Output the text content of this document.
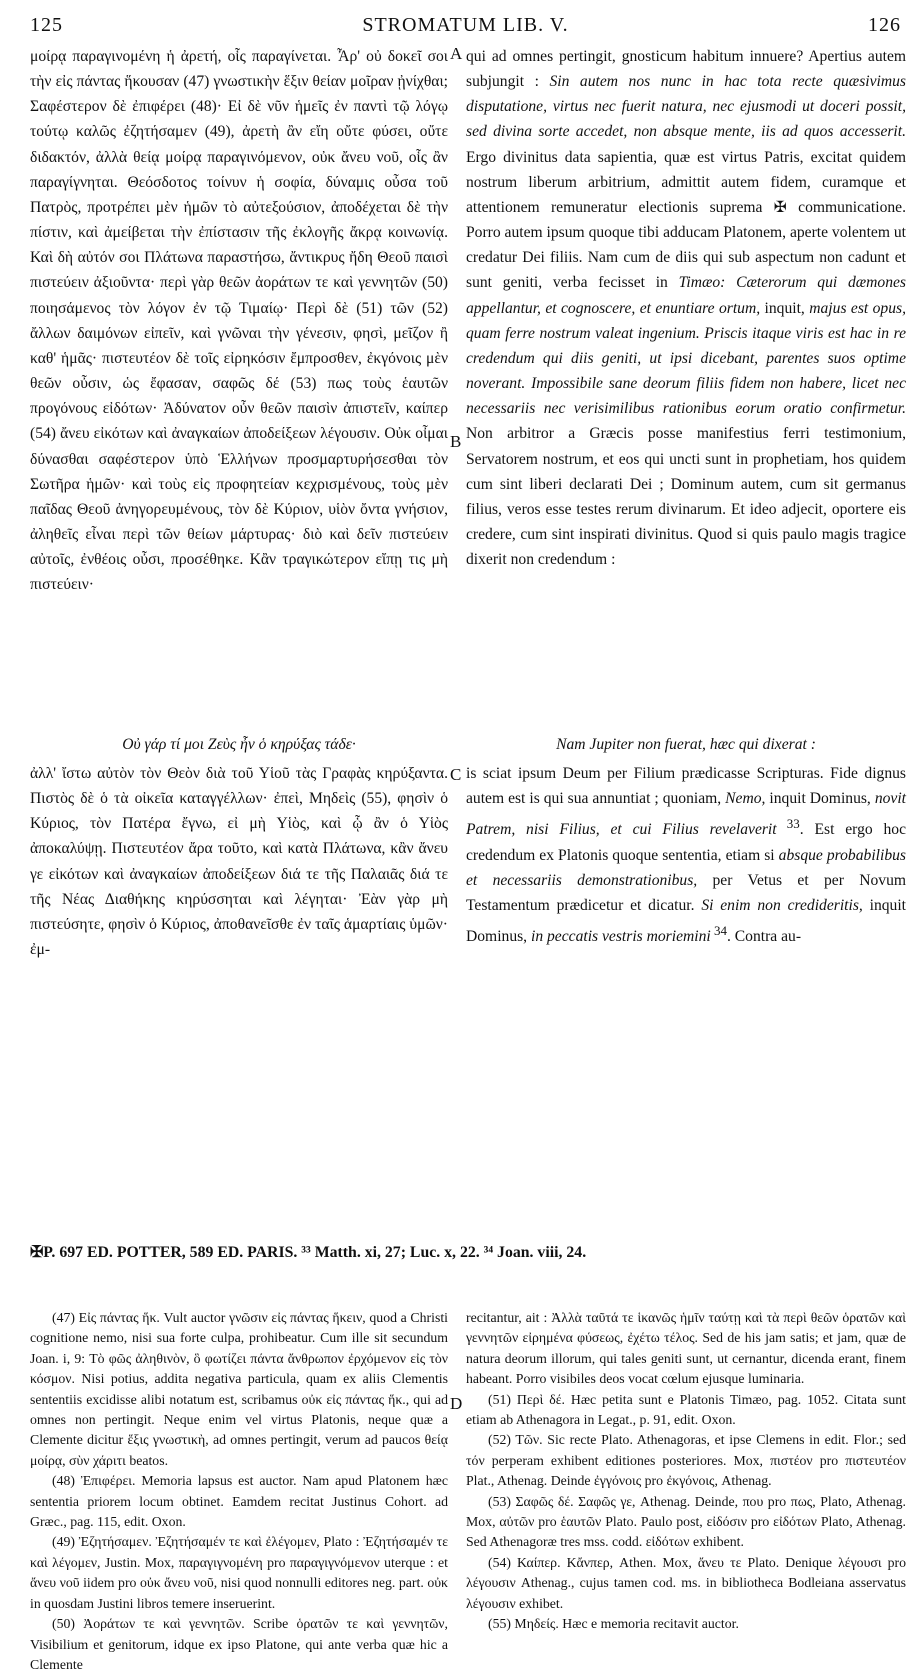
125	STROMATUM LIB. V.	126
A
B
C
D

μοίρᾳ παραγινομένη ἡ ἀρετή, οἷς παραγίνεται. Ἆρ' οὐ δοκεῖ σοι τὴν εἰς πάντας ἥκουσαν (47) γνωστικὴν ἕξιν θείαν μοῖραν ᾐνίχθαι; Σαφέστερον δὲ ἐπιφέρει (48)· Εἰ δὲ νῦν ἡμεῖς ἐν παντὶ τῷ λόγῳ τούτῳ καλῶς ἐζητήσαμεν (49), ἀρετὴ ἂν εἴη οὔτε φύσει, οὔτε διδακτόν, ἀλλὰ θείᾳ μοίρᾳ παραγινόμενον, οὐκ ἄνευ νοῦ, οἷς ἂν παραγίγνηται. Θεόσδοτος τοίνυν ἡ σοφία, δύναμις οὖσα τοῦ Πατρὸς, προτρέπει μὲν ἡμῶν τὸ αὐτεξούσιον, ἀποδέχεται δὲ τὴν πίστιν, καὶ ἀμείβεται τὴν ἐπίστασιν τῆς ἐκλογῆς ἄκρᾳ κοινωνίᾳ. Καὶ δὴ αὐτόν σοι Πλάτωνα παραστήσω, ἄντικρυς ἤδη Θεοῦ παισὶ πιστεύειν ἀξιοῦντα· περὶ γὰρ θεῶν ἀοράτων τε καὶ γεννητῶν (50) ποιησάμενος τὸν λόγον ἐν τῷ Τιμαίῳ· Περὶ δὲ (51) τῶν (52) ἄλλων δαιμόνων εἰπεῖν, καὶ γνῶναι τὴν γένεσιν, φησὶ, μεῖζον ἢ καθ' ἡμᾶς· πιστευτέον δὲ τοῖς εἰρηκόσιν ἔμπροσθεν, ἐκγόνοις μὲν θεῶν οὖσιν, ὡς ἔφασαν, σαφῶς δέ (53) πως τοὺς ἑαυτῶν προγόνους εἰδότων· Ἀδύνατον οὖν θεῶν παισὶν ἀπιστεῖν, καίπερ (54) ἄνευ εἰκότων καὶ ἀναγκαίων ἀποδείξεων λέγουσιν. Οὐκ οἶμαι δύνασθαι σαφέστερον ὑπὸ Ἑλλήνων προσμαρτυρήσεσθαι τὸν Σωτῆρα ἡμῶν· καὶ τοὺς εἰς προφητείαν κεχρισμένους, τοὺς μὲν παῖδας Θεοῦ ἀνηγορευμένους, τὸν δὲ Κύριον, υἱὸν ὄντα γνήσιον, ἀληθεῖς εἶναι περὶ τῶν θείων μάρτυρας· διὸ καὶ δεῖν πιστεύειν αὐτοῖς, ἐνθέοις οὖσι, προσέθηκε. Κἂν τραγικώτερον εἴπῃ τις μὴ πιστεύειν·

Οὐ γάρ τί μοι Ζεὺς ἦν ὁ κηρύξας τάδε·

ἀλλ' ἴστω αὐτὸν τὸν Θεὸν διὰ τοῦ Υἱοῦ τὰς Γραφὰς κηρύξαντα. Πιστὸς δὲ ὁ τὰ οἰκεῖα καταγγέλλων· ἐπεὶ, Μηδεὶς (55), φησὶν ὁ Κύριος, τὸν Πατέρα ἔγνω, εἰ μὴ Υἱὸς, καὶ ᾧ ἂν ὁ Υἱὸς ἀποκαλύψῃ. Πιστευτέον ἄρα τοῦτο, καὶ κατὰ Πλάτωνα, κἂν ἄνευ γε εἰκότων καὶ ἀναγκαίων ἀποδείξεων διά τε τῆς Παλαιᾶς διά τε τῆς Νέας Διαθήκης κηρύσσηται καὶ λέγηται· Ἐὰν γὰρ μὴ πιστεύσητε, φησὶν ὁ Κύριος, ἀποθανεῖσθε ἐν ταῖς ἁμαρτίαις ὑμῶν· ἐμ-

qui ad omnes pertingit, gnosticum habitum innuere? Apertius autem subjungit : Sin autem nos nunc in hac tota recte quæsivimus disputatione, virtus nec fuerit natura, nec ejusmodi ut doceri possit, sed divina sorte accedet, non absque mente, iis ad quos accesserit. Ergo divinitus data sapientia, quæ est virtus Patris, excitat quidem nostrum liberum arbitrium, admittit autem fidem, curamque et attentionem remuneratur electionis suprema ✠ communicatione. Porro autem ipsum quoque tibi adducam Platonem, aperte volentem ut credatur Dei filiis. Nam cum de diis qui sub aspectum non cadunt et sunt geniti, verba fecisset in Timæo: Cæterorum qui dæmones appellantur, et cognoscere, et enuntiare ortum, inquit, majus est opus, quam ferre nostrum valeat ingenium. Priscis itaque viris est hac in re credendum qui diis geniti, ut ipsi dicebant, parentes suos optime noverant. Impossibile sane deorum filiis fidem non habere, licet nec necessariis nec verisimilibus rationibus eorum oratio confirmetur. Non arbitror a Græcis posse manifestius ferri testimonium, Servatorem nostrum, et eos qui uncti sunt in prophetiam, hos quidem cum sint liberi declarati Dei ; Dominum autem, cum sit germanus filius, veros esse testes rerum divinarum. Et ideo adjecit, oportere eis credere, cum sint inspirati divinitus. Quod si quis paulo magis tragice dixerit non credendum :

Nam Jupiter non fuerat, hæc qui dixerat :

is sciat ipsum Deum per Filium prædicasse Scripturas. Fide dignus autem est is qui sua annuntiat ; quoniam, Nemo, inquit Dominus, novit Patrem, nisi Filius, et cui Filius revelaverit $^{33}$. Est ergo hoc credendum ex Platonis quoque sententia, etiam si absque probabilibus et necessariis demonstrationibus, per Vetus et per Novum Testamentum prædicetur et dicatur. Si enim non credideritis, inquit Dominus, in peccatis vestris moriemini $^{34}$. Contra au-

✠P. 697 ED. POTTER, 589 ED. PARIS. ³³ Matth. xi, 27; Luc. x, 22. ³⁴ Joan. viii, 24.

(47) Εἰς πάντας ἥκ. Vult auctor γνῶσιν εἰς πάντας ἥκειν, quod a Christi cognitione nemo, nisi sua forte culpa, prohibeatur. Cum ille sit secundum Joan. i, 9: Τὸ φῶς ἀληθινὸν, ὃ φωτίζει πάντα ἄνθρωπον ἐρχόμενον εἰς τὸν κόσμον. Nisi potius, addita negativa particula, quam ex aliis Clementis sententiis excidisse alibi notatum est, scribamus οὐκ εἰς πάντας ἥκ., qui ad omnes non pertingit. Neque enim vel virtus Platonis, neque quæ a Clemente dicitur ἕξις γνωστικὴ, ad omnes pertingit, verum ad paucos θείᾳ μοίρᾳ, σὺν χάριτι beatos.

(48) Ἐπιφέρει. Memoria lapsus est auctor. Nam apud Platonem hæc sententia priorem locum obtinet. Eamdem recitat Justinus Cohort. ad Græc., pag. 115, edit. Oxon.

(49) Ἐζητήσαμεν. Ἐζητήσαμέν τε καὶ ἐλέγομεν, Plato : Ἐζητήσαμέν τε καὶ λέγομεν, Justin. Mox, παραγιγνομένη pro παραγιγνόμενον uterque : et ἄνευ νοῦ iidem pro οὐκ ἄνευ νοῦ, nisi quod nonnulli editores neg. part. οὐκ in quosdam Justini libros temere inseruerint.

(50) Ἀοράτων τε καὶ γεννητῶν. Scribe ὁρατῶν τε καὶ γεννητῶν, Visibilium et genitorum, idque ex ipso Platone, qui ante verba quæ hic a Clemente

recitantur, ait : Ἀλλὰ ταῦτά τε ἱκανῶς ἡμῖν ταύτῃ καὶ τὰ περὶ θεῶν ὁρατῶν καὶ γεννητῶν εἰρημένα φύσεως, ἐχέτω τέλος. Sed de his jam satis; et jam, quæ de natura deorum illorum, qui tales geniti sunt, ut cernantur, dicenda erant, finem habeant. Porro visibiles deos vocat cœlum ejusque luminaria.

(51) Περὶ δέ. Hæc petita sunt e Platonis Timæo, pag. 1052. Citata sunt etiam ab Athenagora in Legat., p. 91, edit. Oxon.

(52) Τῶν. Sic recte Plato. Athenagoras, et ipse Clemens in edit. Flor.; sed τόν perperam exhibent editiones posteriores. Mox, πιστέον pro πιστευτέον Plat., Athenag. Deinde ἐγγόνοις pro ἐκγόνοις, Athenag.

(53) Σαφῶς δέ. Σαφῶς γε, Athenag. Deinde, που pro πως, Plato, Athenag. Mox, αὐτῶν pro ἑαυτῶν Plato. Paulo post, εἰδόσιν pro εἰδότων Plato, Athenag. Sed Athenagoræ tres mss. codd. εἰδότων exhibent.

(54) Καίπερ. Κἄνπερ, Athen. Mox, ἄνευ τε Plato. Denique λέγουσι pro λέγουσιν Athenag., cujus tamen cod. ms. in bibliotheca Bodleiana asservatus λέγουσιν exhibet.

(55) Μηδείς. Hæc e memoria recitavit auctor.
